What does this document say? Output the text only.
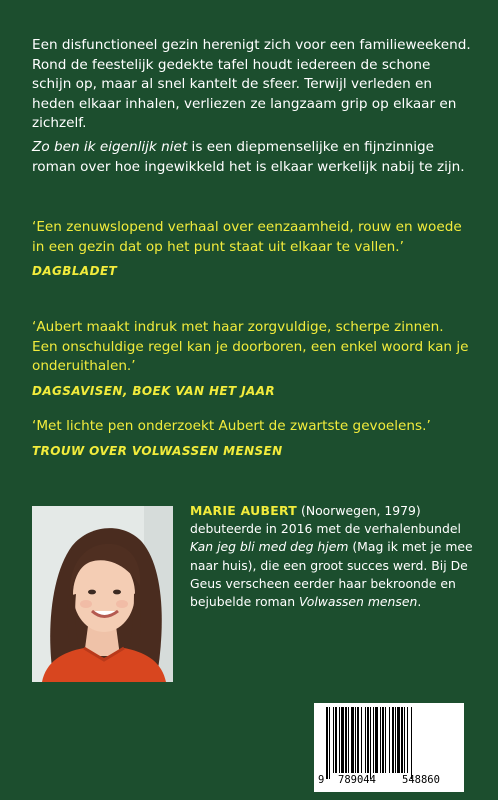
Een disfunctioneel gezin herenigt zich voor een familieweekend. Rond de feestelijk gedekte tafel houdt iedereen de schone schijn op, maar al snel kantelt de sfeer. Terwijl verleden en heden elkaar inhalen, verliezen ze langzaam grip op elkaar en zichzelf.

Zo ben ik eigenlijk niet is een diepmenselijke en fijnzinnige roman over hoe ingewikkeld het is elkaar werkelijk nabij te zijn.

‘Een zenuwslopend verhaal over eenzaamheid, rouw en woede in een gezin dat op het punt staat uit elkaar te vallen.’
DAGBLADET

‘Aubert maakt indruk met haar zorgvuldige, scherpe zinnen. Een onschuldige regel kan je doorboren, een enkel woord kan je onderuithalen.’
DAGSAVISEN, BOEK VAN HET JAAR

‘Met lichte pen onderzoekt Aubert de zwartste gevoelens.’
TROUW OVER VOLWASSEN MENSEN

MARIE AUBERT (Noorwegen, 1979) debuteerde in 2016 met de verhalenbundel Kan jeg bli med deg hjem (Mag ik met je mee naar huis), die een groot succes werd. Bij De Geus verscheen eerder haar bekroonde en bejubelde roman Volwassen mensen.

9 789044 548860
